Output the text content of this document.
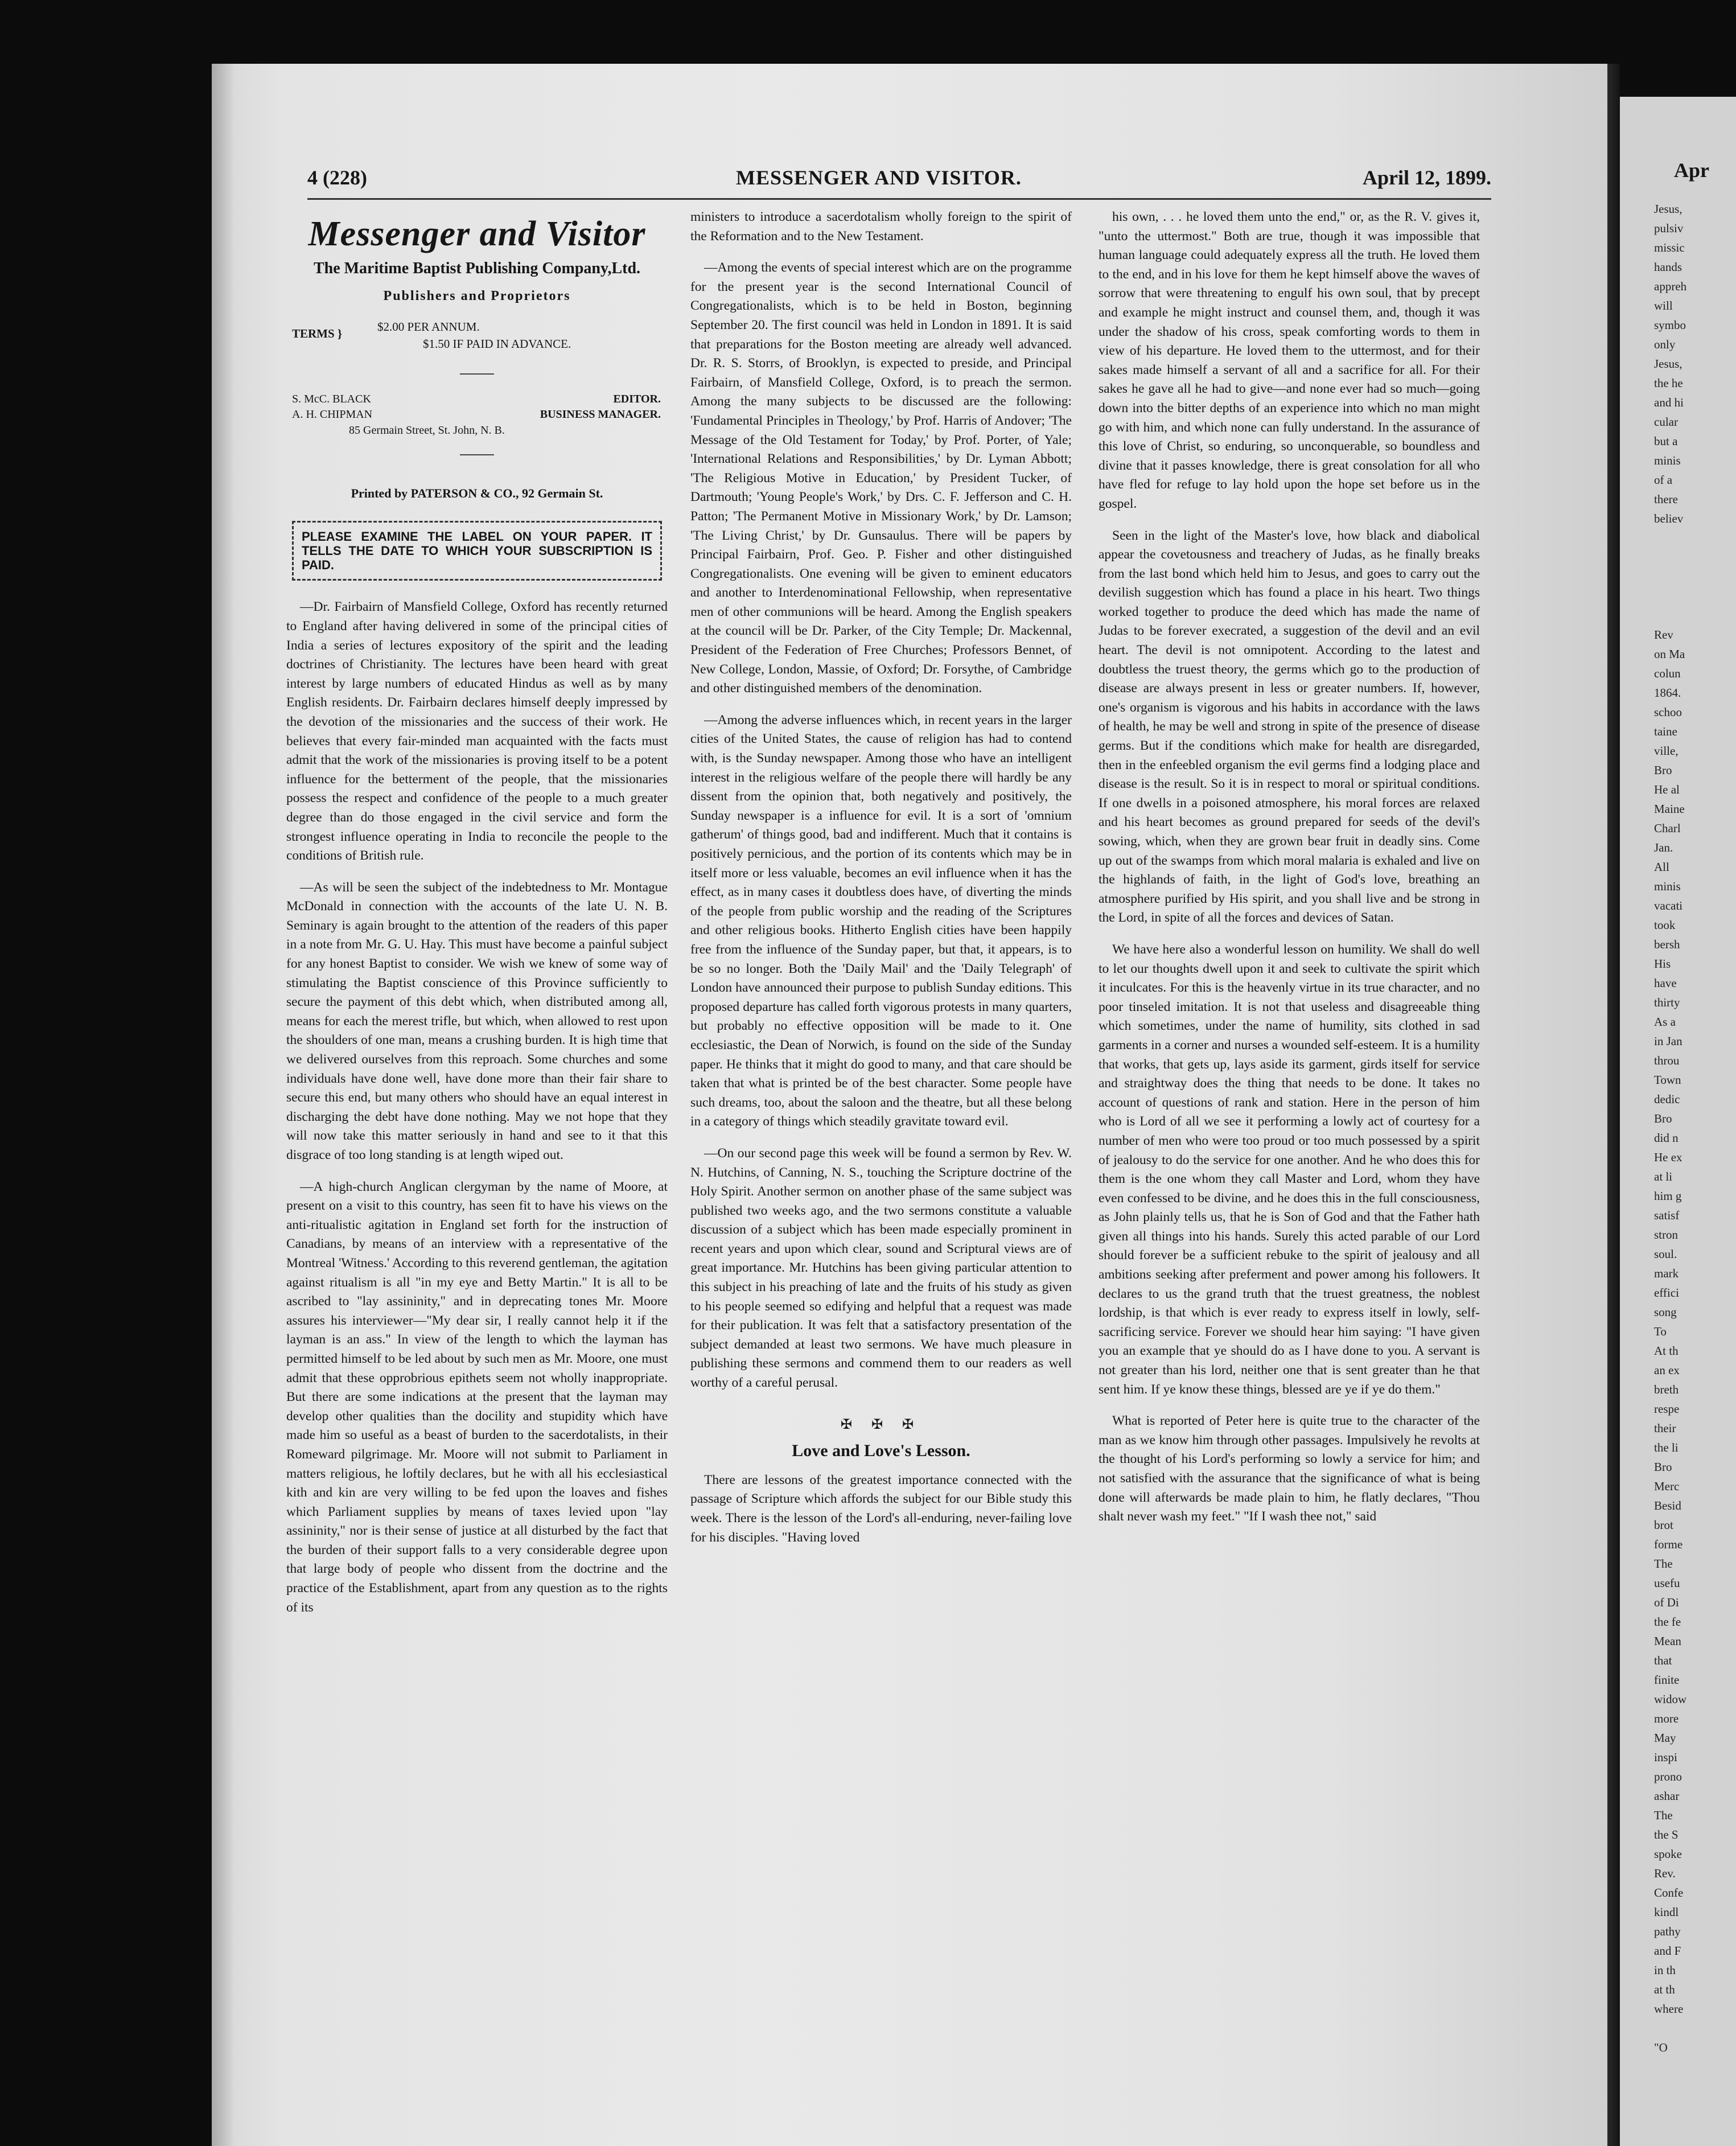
Apr
Jesus,
pulsiv
missic
hands
appreh
will
symbo
only
Jesus,
the he
and hi
cular
but a
minis
of a
there
believ

Rev
on Ma
colun
1864.
schoo
taine
ville,
Bro
He al
Maine
Charl
Jan.
All
minis
vacati
took
bersh
His
have
thirty
As a
in Jan
throu
Town
dedic
Bro
did n
He ex
at li
him g
satisf
stron
soul.
mark
effici
song
To
At th
an ex
breth
respe
their
the li
Bro
Merc
Besid
brot
forme
The
usefu
of Di
the fe
Mean
that
finite
widow
more
May
inspi
prono
ashar
The
the S
spoke
Rev.
Confe
kindl
pathy
and F
in th
at th
where

"O
4 (228)	MESSENGER AND VISITOR.	April 12, 1899.
Messenger and Visitor
The Maritime Baptist Publishing Company,Ltd.
Publishers and Proprietors
TERMS }	$2.00 PER ANNUM.
$1.50 IF PAID IN ADVANCE.
S. McC. BLACK	EDITOR.
A. H. CHIPMAN	BUSINESS MANAGER.
85 Germain Street, St. John, N. B.
Printed by PATERSON & CO., 92 Germain St.
PLEASE EXAMINE THE LABEL ON YOUR PAPER. IT TELLS THE DATE TO WHICH YOUR SUBSCRIPTION IS PAID.

—Dr. Fairbairn of Mansfield College, Oxford has recently returned to England after having delivered in some of the principal cities of India a series of lectures expository of the spirit and the leading doctrines of Christianity. The lectures have been heard with great interest by large numbers of educated Hindus as well as by many English residents. Dr. Fairbairn declares himself deeply impressed by the devotion of the missionaries and the success of their work. He believes that every fair-minded man acquainted with the facts must admit that the work of the missionaries is proving itself to be a potent influence for the betterment of the people, that the missionaries possess the respect and confidence of the people to a much greater degree than do those engaged in the civil service and form the strongest influence operating in India to reconcile the people to the conditions of British rule.

—As will be seen the subject of the indebtedness to Mr. Montague McDonald in connection with the accounts of the late U. N. B. Seminary is again brought to the attention of the readers of this paper in a note from Mr. G. U. Hay. This must have become a painful subject for any honest Baptist to consider. We wish we knew of some way of stimulating the Baptist conscience of this Province sufficiently to secure the payment of this debt which, when distributed among all, means for each the merest trifle, but which, when allowed to rest upon the shoulders of one man, means a crushing burden. It is high time that we delivered ourselves from this reproach. Some churches and some individuals have done well, have done more than their fair share to secure this end, but many others who should have an equal interest in discharging the debt have done nothing. May we not hope that they will now take this matter seriously in hand and see to it that this disgrace of too long standing is at length wiped out.

—A high-church Anglican clergyman by the name of Moore, at present on a visit to this country, has seen fit to have his views on the anti-ritualistic agitation in England set forth for the instruction of Canadians, by means of an interview with a representative of the Montreal 'Witness.' According to this reverend gentleman, the agitation against ritualism is all "in my eye and Betty Martin." It is all to be ascribed to "lay assininity," and in deprecating tones Mr. Moore assures his interviewer—"My dear sir, I really cannot help it if the layman is an ass." In view of the length to which the layman has permitted himself to be led about by such men as Mr. Moore, one must admit that these opprobrious epithets seem not wholly inappropriate. But there are some indications at the present that the layman may develop other qualities than the docility and stupidity which have made him so useful as a beast of burden to the sacerdotalists, in their Romeward pilgrimage. Mr. Moore will not submit to Parliament in matters religious, he loftily declares, but he with all his ecclesiastical kith and kin are very willing to be fed upon the loaves and fishes which Parliament supplies by means of taxes levied upon "lay assininity," nor is their sense of justice at all disturbed by the fact that the burden of their support falls to a very considerable degree upon that large body of people who dissent from the doctrine and the practice of the Establishment, apart from any question as to the rights of its

ministers to introduce a sacerdotalism wholly foreign to the spirit of the Reformation and to the New Testament.

—Among the events of special interest which are on the programme for the present year is the second International Council of Congregationalists, which is to be held in Boston, beginning September 20. The first council was held in London in 1891. It is said that preparations for the Boston meeting are already well advanced. Dr. R. S. Storrs, of Brooklyn, is expected to preside, and Principal Fairbairn, of Mansfield College, Oxford, is to preach the sermon. Among the many subjects to be discussed are the following: 'Fundamental Principles in Theology,' by Prof. Harris of Andover; 'The Message of the Old Testament for Today,' by Prof. Porter, of Yale; 'International Relations and Responsibilities,' by Dr. Lyman Abbott; 'The Religious Motive in Education,' by President Tucker, of Dartmouth; 'Young People's Work,' by Drs. C. F. Jefferson and C. H. Patton; 'The Permanent Motive in Missionary Work,' by Dr. Lamson; 'The Living Christ,' by Dr. Gunsaulus. There will be papers by Principal Fairbairn, Prof. Geo. P. Fisher and other distinguished Congregationalists. One evening will be given to eminent educators and another to Interdenominational Fellowship, when representative men of other communions will be heard. Among the English speakers at the council will be Dr. Parker, of the City Temple; Dr. Mackennal, President of the Federation of Free Churches; Professors Bennet, of New College, London, Massie, of Oxford; Dr. Forsythe, of Cambridge and other distinguished members of the denomination.

—Among the adverse influences which, in recent years in the larger cities of the United States, the cause of religion has had to contend with, is the Sunday newspaper. Among those who have an intelligent interest in the religious welfare of the people there will hardly be any dissent from the opinion that, both negatively and positively, the Sunday newspaper is a influence for evil. It is a sort of 'omnium gatherum' of things good, bad and indifferent. Much that it contains is positively pernicious, and the portion of its contents which may be in itself more or less valuable, becomes an evil influence when it has the effect, as in many cases it doubtless does have, of diverting the minds of the people from public worship and the reading of the Scriptures and other religious books. Hitherto English cities have been happily free from the influence of the Sunday paper, but that, it appears, is to be so no longer. Both the 'Daily Mail' and the 'Daily Telegraph' of London have announced their purpose to publish Sunday editions. This proposed departure has called forth vigorous protests in many quarters, but probably no effective opposition will be made to it. One ecclesiastic, the Dean of Norwich, is found on the side of the Sunday paper. He thinks that it might do good to many, and that care should be taken that what is printed be of the best character. Some people have such dreams, too, about the saloon and the theatre, but all these belong in a category of things which steadily gravitate toward evil.

—On our second page this week will be found a sermon by Rev. W. N. Hutchins, of Canning, N. S., touching the Scripture doctrine of the Holy Spirit. Another sermon on another phase of the same subject was published two weeks ago, and the two sermons constitute a valuable discussion of a subject which has been made especially prominent in recent years and upon which clear, sound and Scriptural views are of great importance. Mr. Hutchins has been giving particular attention to this subject in his preaching of late and the fruits of his study as given to his people seemed so edifying and helpful that a request was made for their publication. It was felt that a satisfactory presentation of the subject demanded at least two sermons. We have much pleasure in publishing these sermons and commend them to our readers as well worthy of a careful perusal.

✠ ✠ ✠
Love and Love's Lesson.

There are lessons of the greatest importance connected with the passage of Scripture which affords the subject for our Bible study this week. There is the lesson of the Lord's all-enduring, never-failing love for his disciples. "Having loved

his own, . . . he loved them unto the end," or, as the R. V. gives it, "unto the uttermost." Both are true, though it was impossible that human language could adequately express all the truth. He loved them to the end, and in his love for them he kept himself above the waves of sorrow that were threatening to engulf his own soul, that by precept and example he might instruct and counsel them, and, though it was under the shadow of his cross, speak comforting words to them in view of his departure. He loved them to the uttermost, and for their sakes made himself a servant of all and a sacrifice for all. For their sakes he gave all he had to give—and none ever had so much—going down into the bitter depths of an experience into which no man might go with him, and which none can fully understand. In the assurance of this love of Christ, so enduring, so unconquerable, so boundless and divine that it passes knowledge, there is great consolation for all who have fled for refuge to lay hold upon the hope set before us in the gospel.

Seen in the light of the Master's love, how black and diabolical appear the covetousness and treachery of Judas, as he finally breaks from the last bond which held him to Jesus, and goes to carry out the devilish suggestion which has found a place in his heart. Two things worked together to produce the deed which has made the name of Judas to be forever execrated, a suggestion of the devil and an evil heart. The devil is not omnipotent. According to the latest and doubtless the truest theory, the germs which go to the production of disease are always present in less or greater numbers. If, however, one's organism is vigorous and his habits in accordance with the laws of health, he may be well and strong in spite of the presence of disease germs. But if the conditions which make for health are disregarded, then in the enfeebled organism the evil germs find a lodging place and disease is the result. So it is in respect to moral or spiritual conditions. If one dwells in a poisoned atmosphere, his moral forces are relaxed and his heart becomes as ground prepared for seeds of the devil's sowing, which, when they are grown bear fruit in deadly sins. Come up out of the swamps from which moral malaria is exhaled and live on the highlands of faith, in the light of God's love, breathing an atmosphere purified by His spirit, and you shall live and be strong in the Lord, in spite of all the forces and devices of Satan.

We have here also a wonderful lesson on humility. We shall do well to let our thoughts dwell upon it and seek to cultivate the spirit which it inculcates. For this is the heavenly virtue in its true character, and no poor tinseled imitation. It is not that useless and disagreeable thing which sometimes, under the name of humility, sits clothed in sad garments in a corner and nurses a wounded self-esteem. It is a humility that works, that gets up, lays aside its garment, girds itself for service and straightway does the thing that needs to be done. It takes no account of questions of rank and station. Here in the person of him who is Lord of all we see it performing a lowly act of courtesy for a number of men who were too proud or too much possessed by a spirit of jealousy to do the service for one another. And he who does this for them is the one whom they call Master and Lord, whom they have even confessed to be divine, and he does this in the full consciousness, as John plainly tells us, that he is Son of God and that the Father hath given all things into his hands. Surely this acted parable of our Lord should forever be a sufficient rebuke to the spirit of jealousy and all ambitions seeking after preferment and power among his followers. It declares to us the grand truth that the truest greatness, the noblest lordship, is that which is ever ready to express itself in lowly, self-sacrificing service. Forever we should hear him saying: "I have given you an example that ye should do as I have done to you. A servant is not greater than his lord, neither one that is sent greater than he that sent him. If ye know these things, blessed are ye if ye do them."

What is reported of Peter here is quite true to the character of the man as we know him through other passages. Impulsively he revolts at the thought of his Lord's performing so lowly a service for him; and not satisfied with the assurance that the significance of what is being done will afterwards be made plain to him, he flatly declares, "Thou shalt never wash my feet." "If I wash thee not," said
